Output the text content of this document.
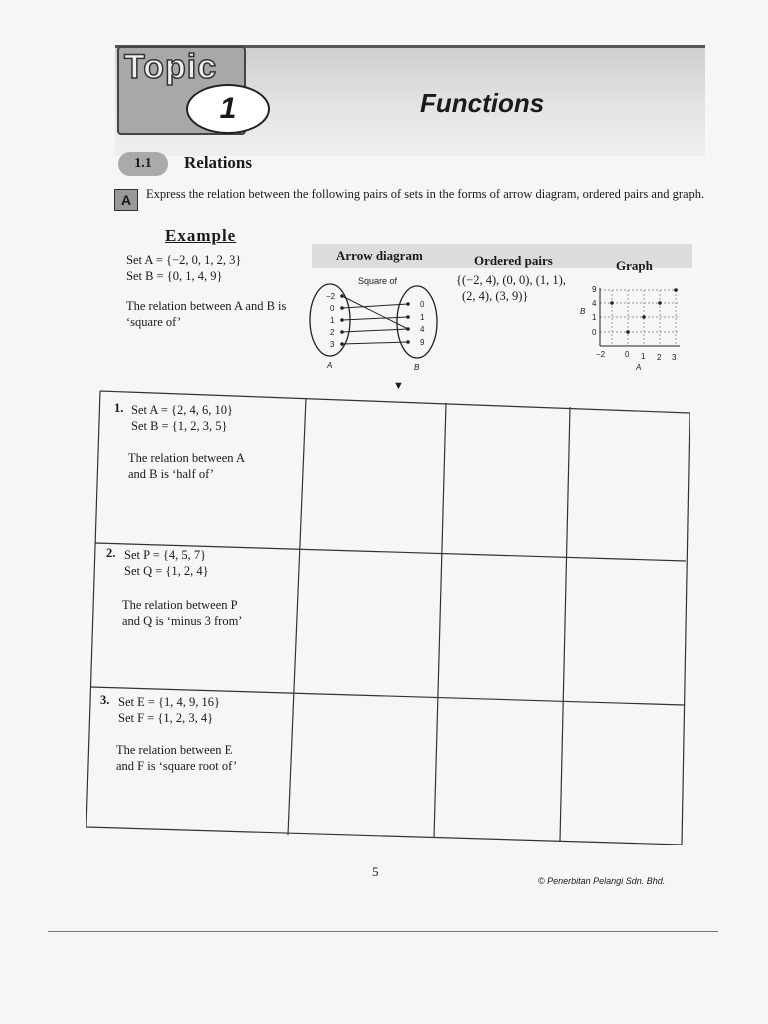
Topic
1	Functions
1.1	Relations
A	Express the relation between the following pairs of sets in the forms of arrow diagram, ordered pairs and graph.
Example
Set A = {−2, 0, 1, 2, 3}
Set B = {0, 1, 4, 9}
The relation between A and B is
‘square of’
Arrow diagram	Ordered pairs	Graph
Square of
−2
0
1
2
3
0
1
4
9
A	B
{(−2, 4), (0, 0), (1, 1),
(2, 4), (3, 9)}	9
4
1
0
B
−2 0 1 2 3
A
▼
1. Set A = {2, 4, 6, 10}
Set B = {1, 2, 3, 5}
The relation between A
and B is ‘half of’
2. Set P = {4, 5, 7}
Set Q = {1, 2, 4}
The relation between P
and Q is ‘minus 3 from’
3. Set E = {1, 4, 9, 16}
Set F = {1, 2, 3, 4}
The relation between E
and F is ‘square root of’
5
© Penerbitan Pelangi Sdn. Bhd.
